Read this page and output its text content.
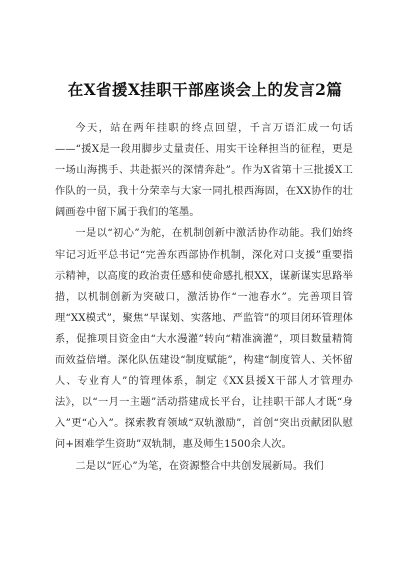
在X省援X挂职干部座谈会上的发言2篇

今天，站在两年挂职的终点回望，千言万语汇成一句话——“援X是一段用脚步丈量责任、用实干诠释担当的征程，更是一场山海携手、共赴振兴的深情奔赴”。作为X省第十三批援X工作队的一员，我十分荣幸与大家一同扎根西海固，在XX协作的壮阔画卷中留下属于我们的笔墨。

一是以“初心”为舵，在机制创新中激活协作动能。我们始终牢记习近平总书记“完善东西部协作机制，深化对口支援”重要指示精神，以高度的政治责任感和使命感扎根XX，谋新谋实思路举措，以机制创新为突破口，激活协作“一池春水”。完善项目管理“XX模式”，聚焦“早谋划、实落地、严监管”的项目闭环管理体系，促推项目资金由“大水漫灌”转向“精准滴灌”，项目数量精简而效益倍增。深化队伍建设“制度赋能”，构建“制度管人、关怀留人、专业育人”的管理体系，制定《XX县援X干部人才管理办法》，以“一月一主题”活动搭建成长平台，让挂职干部人才既“身入”更“心入”。探索教育领域“双轨激励”，首创“突出贡献团队慰问+困难学生资助”双轨制，惠及师生1500余人次。

二是以“匠心”为笔，在资源整合中共创发展新局。我们
